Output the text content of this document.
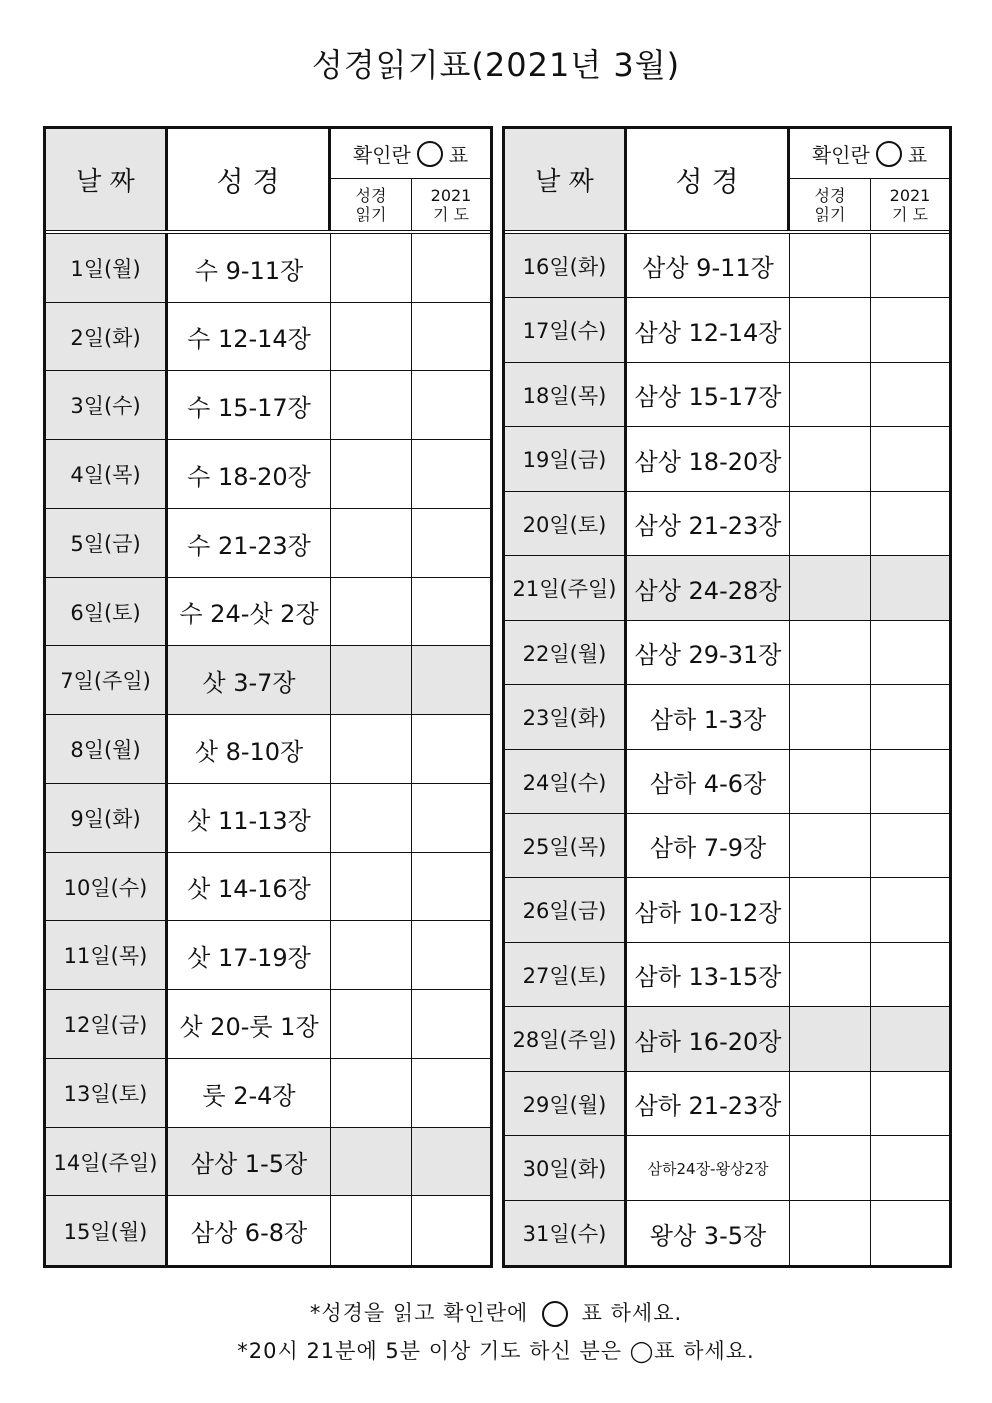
성경읽기표(2021년 3월)
날 짜	성 경
확인란 표
성경
읽기
2021
기 도
1일(월)	수 9-11장
2일(화)	수 12-14장
3일(수)	수 15-17장
4일(목)	수 18-20장
5일(금)	수 21-23장
6일(토)	수 24-삿 2장
7일(주일)	삿 3-7장
8일(월)	삿 8-10장
9일(화)	삿 11-13장
10일(수)	삿 14-16장
11일(목)	삿 17-19장
12일(금)	삿 20-룻 1장
13일(토)	룻 2-4장
14일(주일)	삼상 1-5장
15일(월)	삼상 6-8장
날 짜	성 경
확인란 표
성경
읽기
2021
기 도
16일(화)	삼상 9-11장
17일(수)	삼상 12-14장
18일(목)	삼상 15-17장
19일(금)	삼상 18-20장
20일(토)	삼상 21-23장
21일(주일) 삼상 24-28장
22일(월)	삼상 29-31장
23일(화)	삼하 1-3장
24일(수)	삼하 4-6장
25일(목)	삼하 7-9장
26일(금)	삼하 10-12장
27일(토)	삼하 13-15장
28일(주일) 삼하 16-20장
29일(월)	삼하 21-23장
30일(화)	삼하24장-왕상2장
31일(수)	왕상 3-5장
*성경을 읽고 확인란에	표 하세요.
*20시 21분에 5분 이상 기도 하신 분은 ◯표 하세요.
